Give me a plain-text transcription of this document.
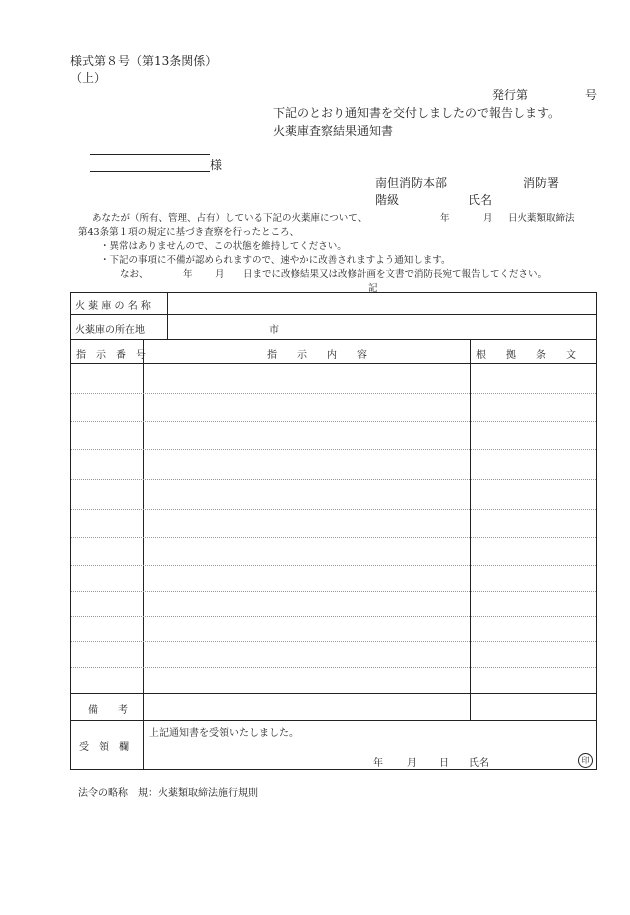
様式第８号（第13条関係）
（上）
発行第	号
下記のとおり通知書を交付しましたので報告します。
火薬庫査察結果通知書
様
南但消防本部	消防署
階級	氏名
あなたが（所有、管理、占有）している下記の火薬庫について、	年	月 日火薬類取締法
第43条第１項の規定に基づき査察を行ったところ、
・異常はありませんので、この状態を維持してください。
・下記の事項に不備が認められますので、速やかに改善されますよう通知します。
なお、	年 月 日までに改修結果又は改修計画を文書で消防長宛て報告してください。
記
火 薬 庫 の 名 称
火薬庫の所在地	市
指　示　番　号	指　　示　　内　　容	根　　拠　　条　　文
備　　考
受　領　欄
上記通知書を受領いたしました。
年 月 日 氏名	印
法令の略称　規：火薬類取締法施行規則
